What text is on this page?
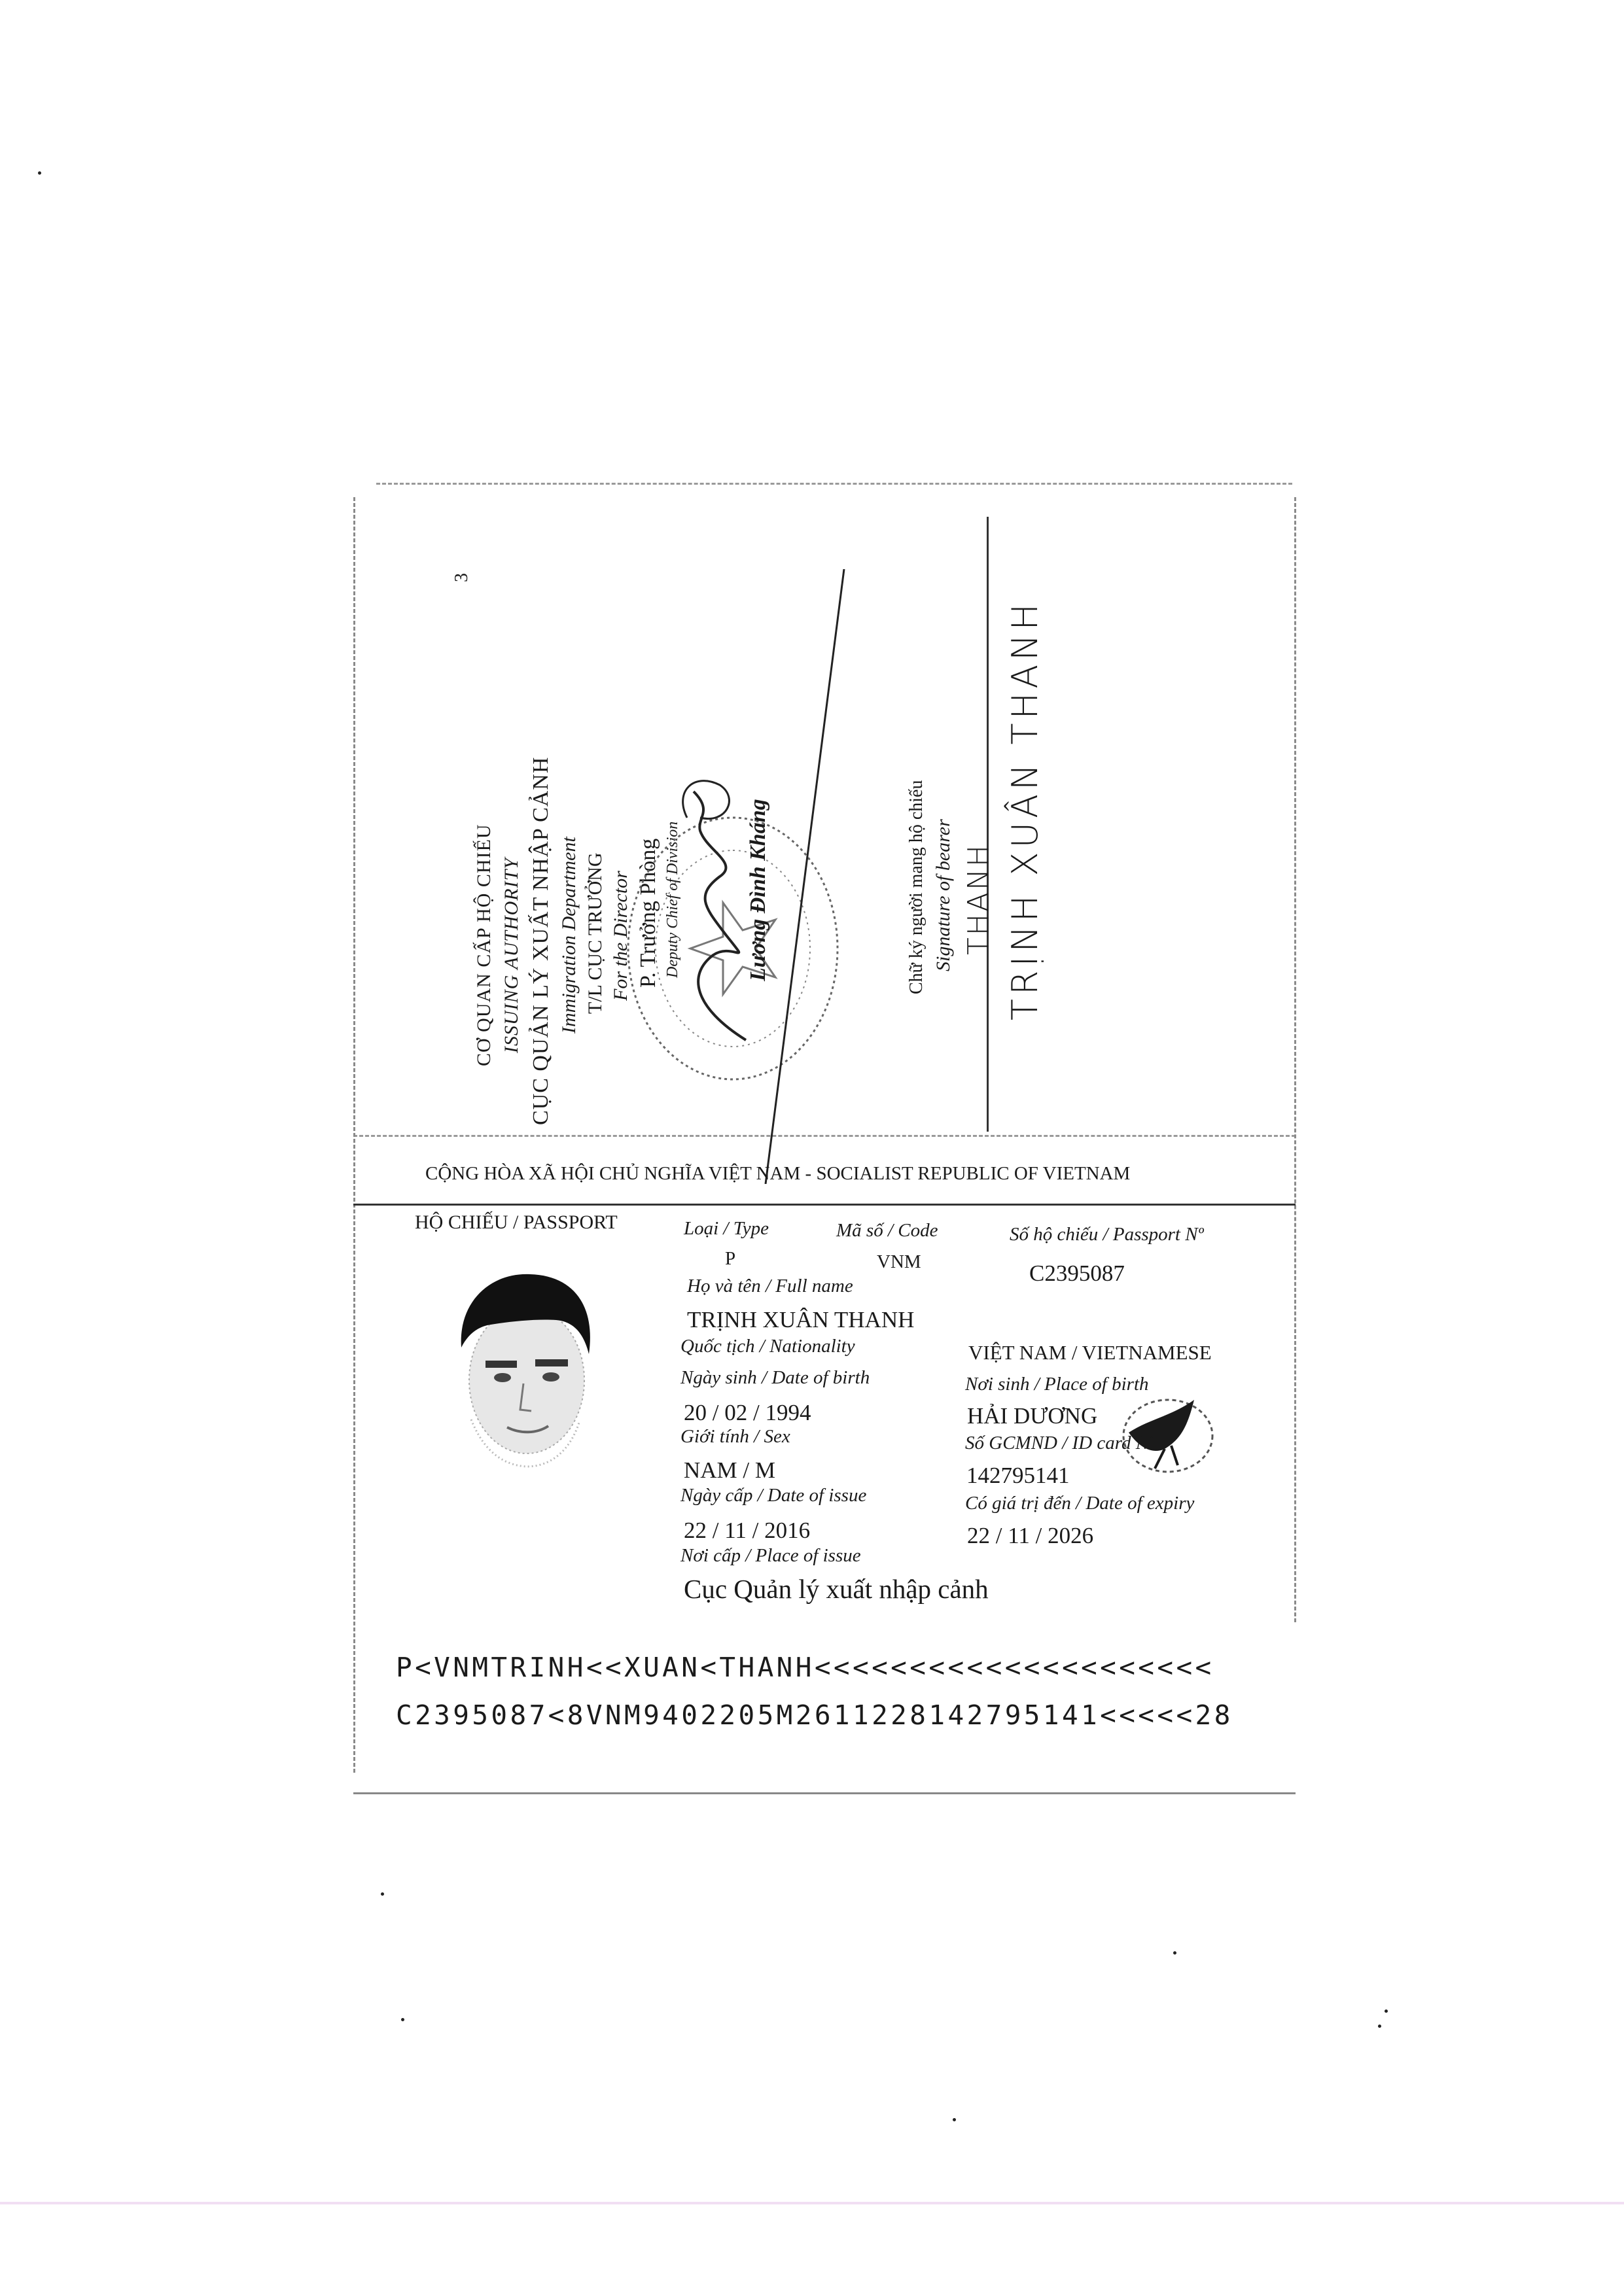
3
CƠ QUAN CẤP HỘ CHIẾU ISSUING AUTHORITY CỤC QUẢN LÝ XUẤT NHẬP CẢNH Immigration Department T/L CỤC TRƯỞNG For the Director P. Trưởng Phòng Deputy Chief of Division	Lương Đình Kháng	Chữ ký người mang hộ chiếu Signature of bearer THANH TRỊNH XUÂN THANH
CỘNG HÒA XÃ HỘI CHỦ NGHĨA VIỆT NAM - SOCIALIST REPUBLIC OF VIETNAM
HỘ CHIẾU / PASSPORT	Loại / Type	Mã số / Code	Số hộ chiếu / Passport Nº
P	VNM	C2395087
Họ và tên / Full name
TRỊNH XUÂN THANH
Quốc tịch / Nationality	VIỆT NAM / VIETNAMESE
Ngày sinh / Date of birth	Nơi sinh / Place of birth
20 / 02 / 1994	HẢI DƯƠNG
Giới tính / Sex	Số GCMND / ID card N°
NAM / M	142795141
Ngày cấp / Date of issue	Có giá trị đến / Date of expiry
22 / 11 / 2016	22 / 11 / 2026
Nơi cấp / Place of issue
Cục Quản lý xuất nhập cảnh
P<VNMTRINH<<XUAN<THANH<<<<<<<<<<<<<<<<<<<<<
C2395087<8VNM9402205M2611228142795141<<<<<28
